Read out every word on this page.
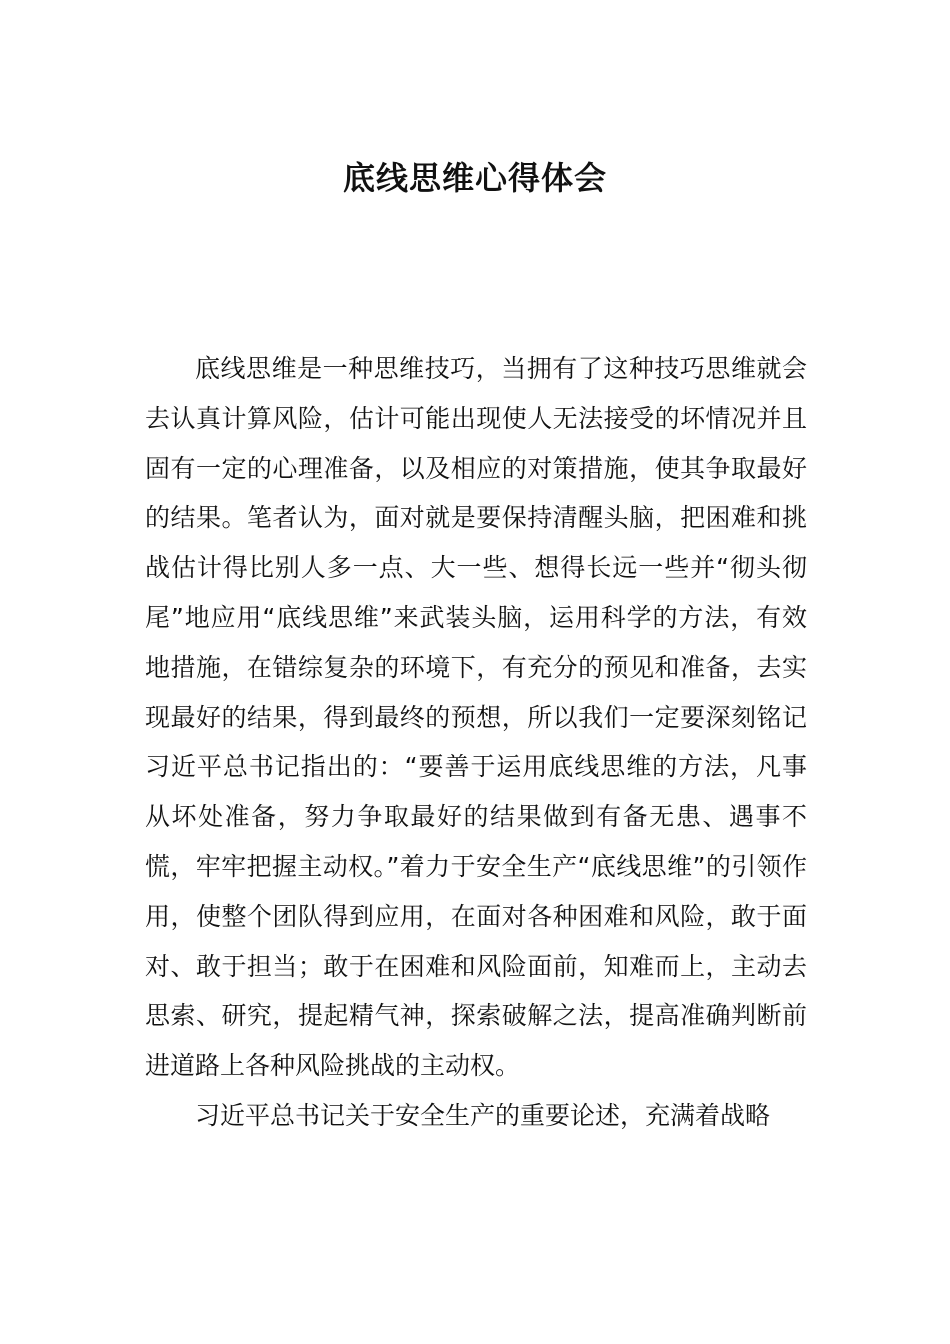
底线思维心得体会

底线思维是一种思维技巧，当拥有了这种技巧思维就会去认真计算风险，估计可能出现使人无法接受的坏情况并且固有一定的心理准备，以及相应的对策措施，使其争取最好的结果。笔者认为，面对就是要保持清醒头脑，把困难和挑战估计得比别人多一点、大一些、想得长远一些并“彻头彻尾”地应用“底线思维”来武装头脑，运用科学的方法，有效地措施，在错综复杂的环境下，有充分的预见和准备，去实现最好的结果，得到最终的预想，所以我们一定要深刻铭记习近平总书记指出的：“要善于运用底线思维的方法，凡事从坏处准备，努力争取最好的结果做到有备无患、遇事不慌，牢牢把握主动权。”着力于安全生产“底线思维”的引领作用，使整个团队得到应用，在面对各种困难和风险，敢于面对、敢于担当；敢于在困难和风险面前，知难而上，主动去思索、研究，提起精气神，探索破解之法，提高准确判断前进道路上各种风险挑战的主动权。

习近平总书记关于安全生产的重要论述，充满着战略
